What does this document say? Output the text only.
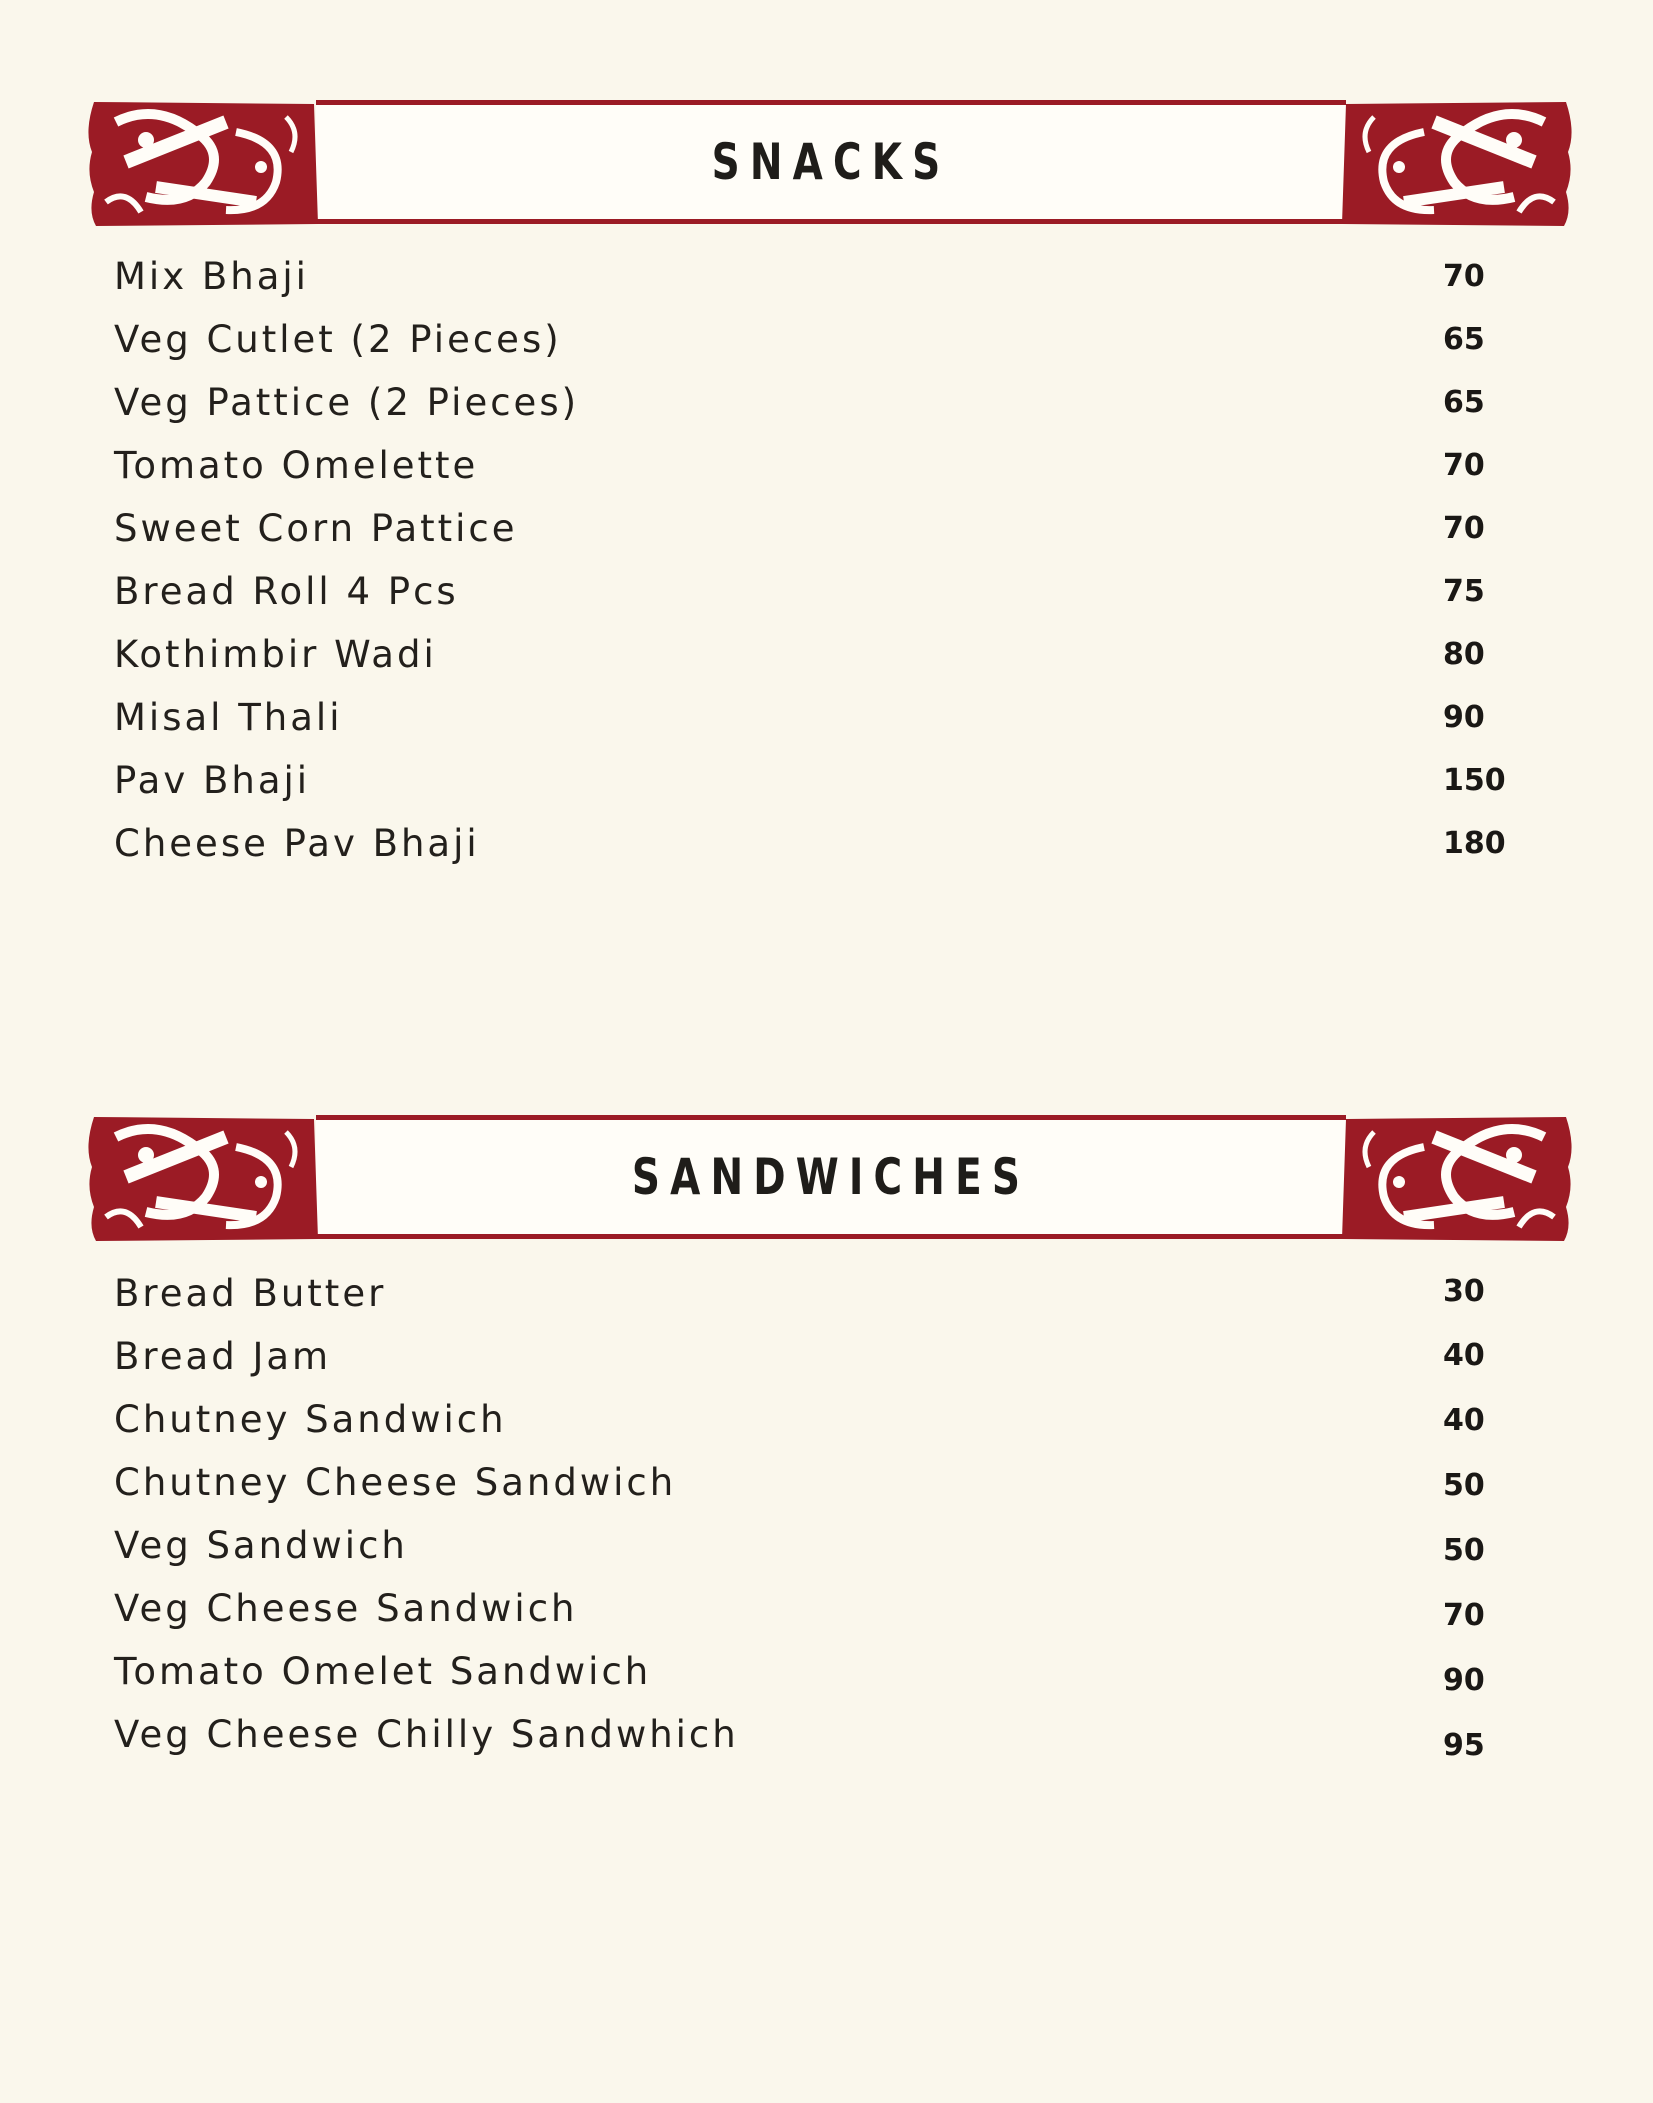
SNACKS
Mix Bhaji	70
Veg Cutlet (2 Pieces)	65
Veg Pattice (2 Pieces)	65
Tomato Omelette	70
Sweet Corn Pattice	70
Bread Roll 4 Pcs	75
Kothimbir Wadi	80
Misal Thali	90
Pav Bhaji	150
Cheese Pav Bhaji	180
SANDWICHES
Bread Butter	30
Bread Jam	40
Chutney Sandwich	40
Chutney Cheese Sandwich	50
Veg Sandwich	50
Veg Cheese Sandwich	70
Tomato Omelet Sandwich	90
Veg Cheese Chilly Sandwhich	95
